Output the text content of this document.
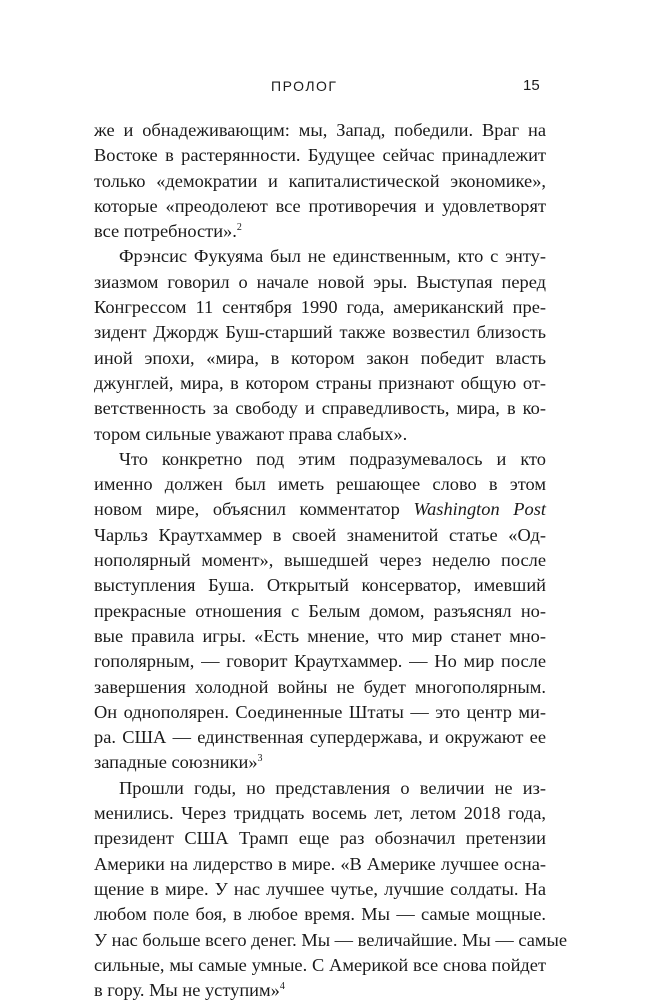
ПРОЛОГ	15
же и обнадеживающим: мы, Запад, победили. Враг на
Востоке в растерянности. Будущее сейчас принадлежит
только «демократии и капиталистической экономике»,
которые «преодолеют все противоречия и удовлетворят
все потребности».$^2$
Фрэнсис Фукуяма был не единственным, кто с энту-
зиазмом говорил о начале новой эры. Выступая перед
Конгрессом 11 сентября 1990 года, американский пре-
зидент Джордж Буш-старший также возвестил близость
иной эпохи, «мира, в котором закон победит власть
джунглей, мира, в котором страны признают общую от-
ветственность за свободу и справедливость, мира, в ко-
тором сильные уважают права слабых».
Что конкретно под этим подразумевалось и кто
именно должен был иметь решающее слово в этом
новом мире, объяснил комментатор Washington Post
Чарльз Краутхаммер в своей знаменитой статье «Од-
нополярный момент», вышедшей через неделю после
выступления Буша. Открытый консерватор, имевший
прекрасные отношения с Белым домом, разъяснял но-
вые правила игры. «Есть мнение, что мир станет мно-
гополярным, — говорит Краутхаммер. — Но мир после
завершения холодной войны не будет многополярным.
Он однополярен. Соединенные Штаты — это центр ми-
ра. США — единственная супердержава, и окружают ее
западные союзники»$^3$
Прошли годы, но представления о величии не из-
менились. Через тридцать восемь лет, летом 2018 года,
президент США Трамп еще раз обозначил претензии
Америки на лидерство в мире. «В Америке лучшее осна-
щение в мире. У нас лучшее чутье, лучшие солдаты. На
любом поле боя, в любое время. Мы — самые мощные.
У нас больше всего денег. Мы — величайшие. Мы — самые
сильные, мы самые умные. С Америкой все снова пойдет
в гору. Мы не уступим»$^4$
